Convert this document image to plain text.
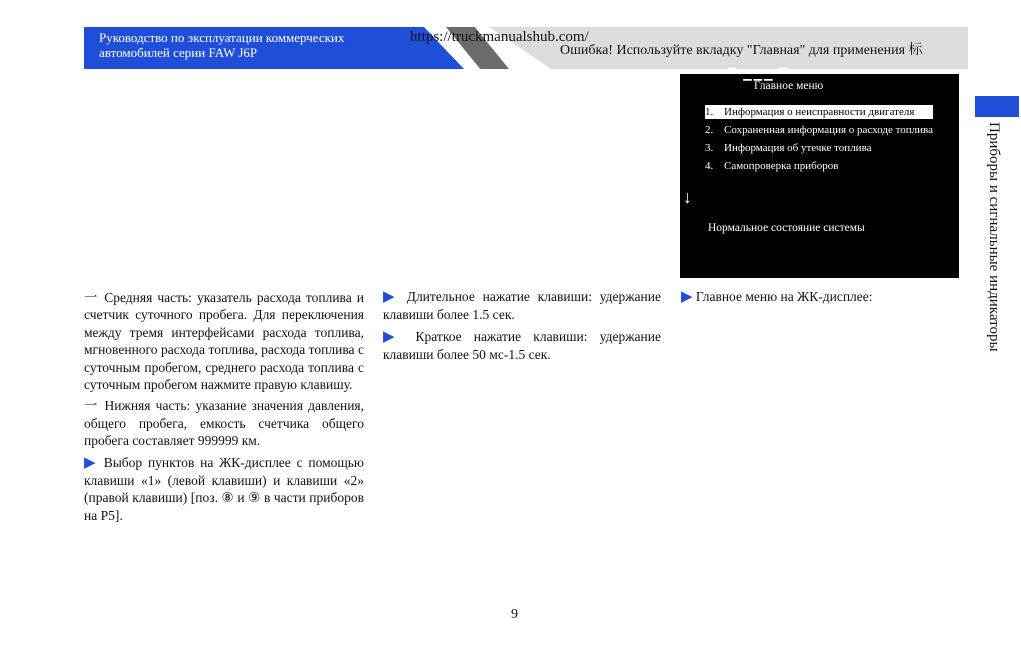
Руководство по эксплуатации коммерческих автомобилей серии FAW J6P
https://truckmanualshub.com/
Ошибка! Используйте вкладку "Главная" для применения 标
Приборы и сигнальные индикаторы
▔ ▁▁▁ ▔
Главное меню
1. Информация о неисправности двигателя
2. Сохраненная информация о расходе топлива
3. Информация об утечке топлива
4. Самопроверка приборов
↓
Нормальное состояние системы

一 Средняя часть: указатель расхода топлива и счетчик суточного пробега. Для переключения между тремя интерфейсами расхода топлива, мгновенного расхода топлива, расхода топлива с суточным пробегом, среднего расхода топлива с суточным пробегом нажмите правую клавишу.

一 Нижняя часть: указание значения давления, общего пробега, емкость счетчика общего пробега составляет 999999 км.

▶ Выбор пунктов на ЖК-дисплее с помощью клавиши «1» (левой клавиши) и клавиши «2» (правой клавиши) [поз. ⑧ и ⑨ в части приборов на P5].

▶ Длительное нажатие клавиши: удержание клавиши более 1.5 сек.

▶ Краткое нажатие клавиши: удержание клавиши более 50 мс-1.5 сек.

▶ Главное меню на ЖК-дисплее:

9
